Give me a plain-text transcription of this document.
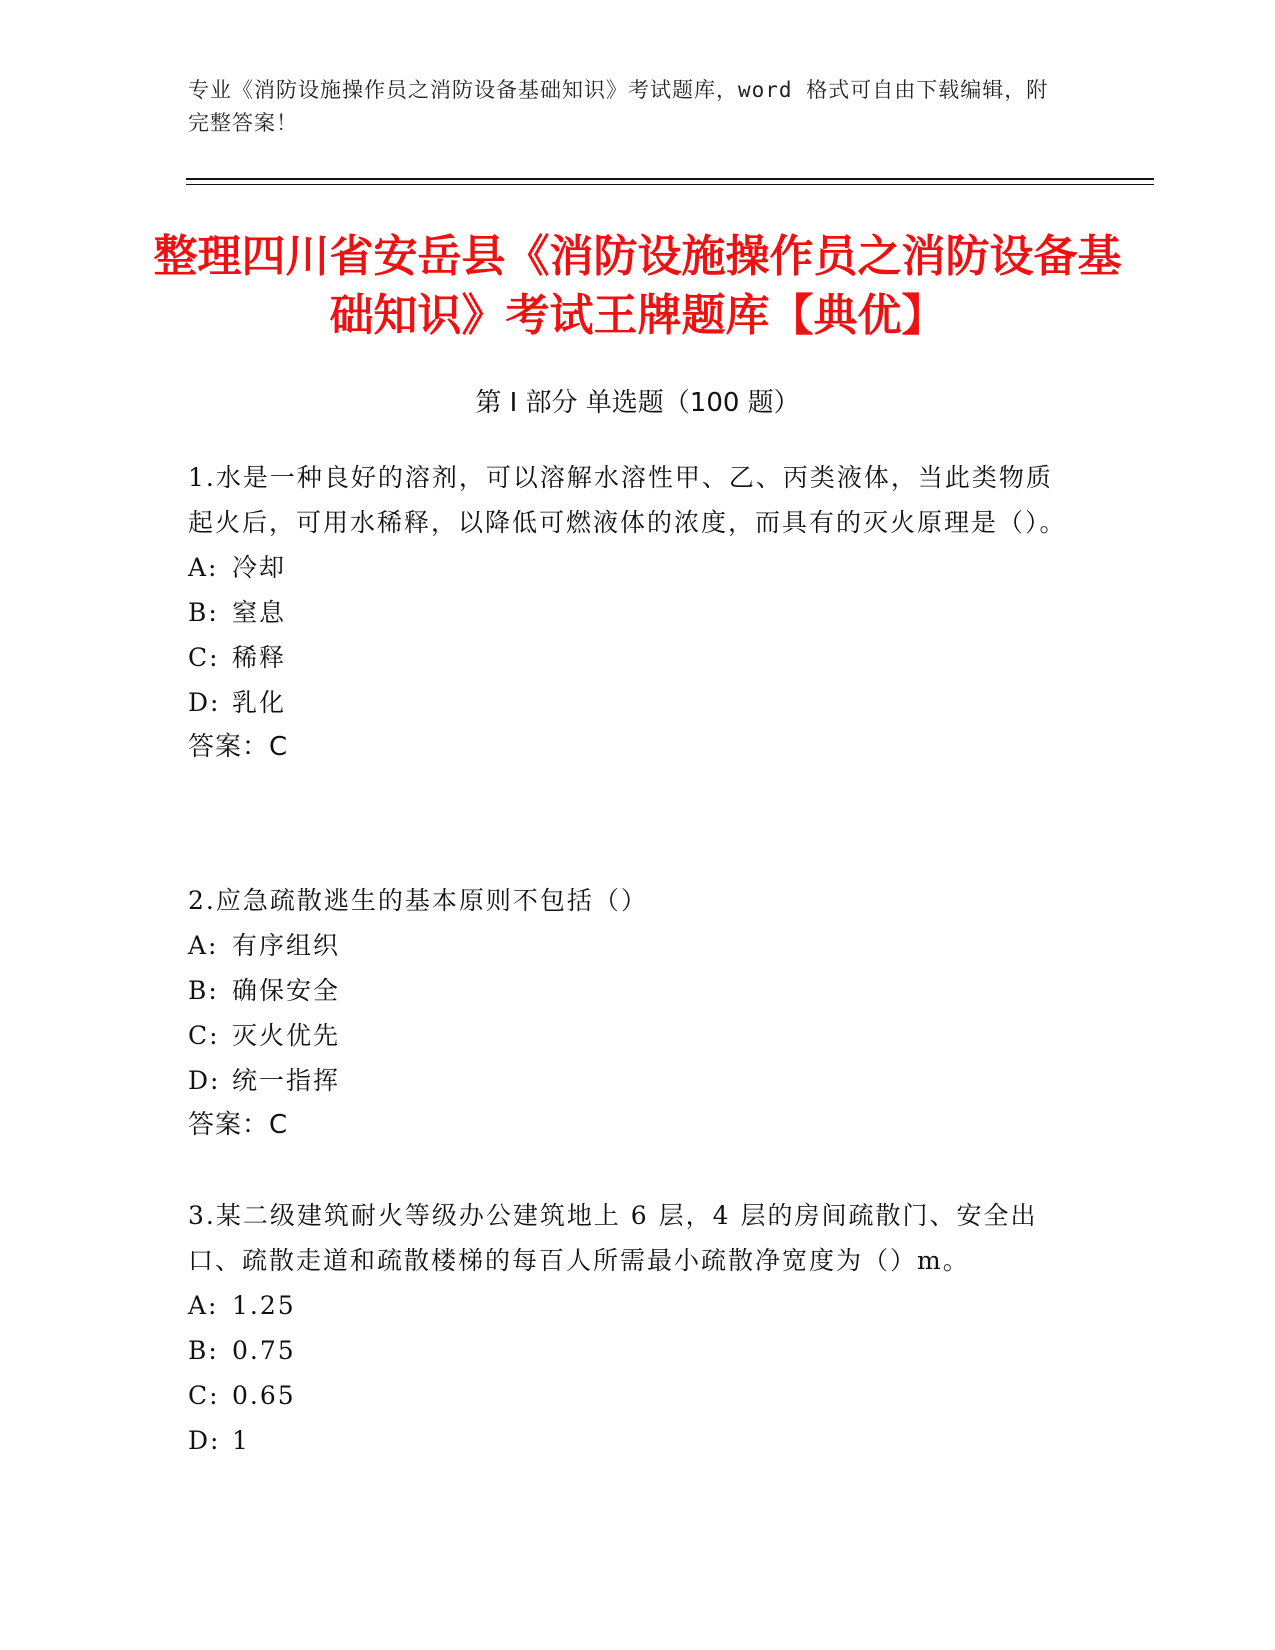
专业《消防设施操作员之消防设备基础知识》考试题库，word 格式可自由下载编辑，附完整答案！
整理四川省安岳县《消防设施操作员之消防设备基础知识》考试王牌题库【典优】
第 I 部分 单选题（100 题）

1.水是一种良好的溶剂，可以溶解水溶性甲、乙、丙类液体，当此类物质起火后，可用水稀释，以降低可燃液体的浓度，而具有的灭火原理是（）。

A: 冷却

B: 窒息

C: 稀释

D: 乳化

答案：C

2.应急疏散逃生的基本原则不包括（）

A: 有序组织

B: 确保安全

C: 灭火优先

D: 统一指挥

答案：C

3.某二级建筑耐火等级办公建筑地上 6 层，4 层的房间疏散门、安全出口、疏散走道和疏散楼梯的每百人所需最小疏散净宽度为（）m。

A: 1.25

B: 0.75

C: 0.65

D: 1
